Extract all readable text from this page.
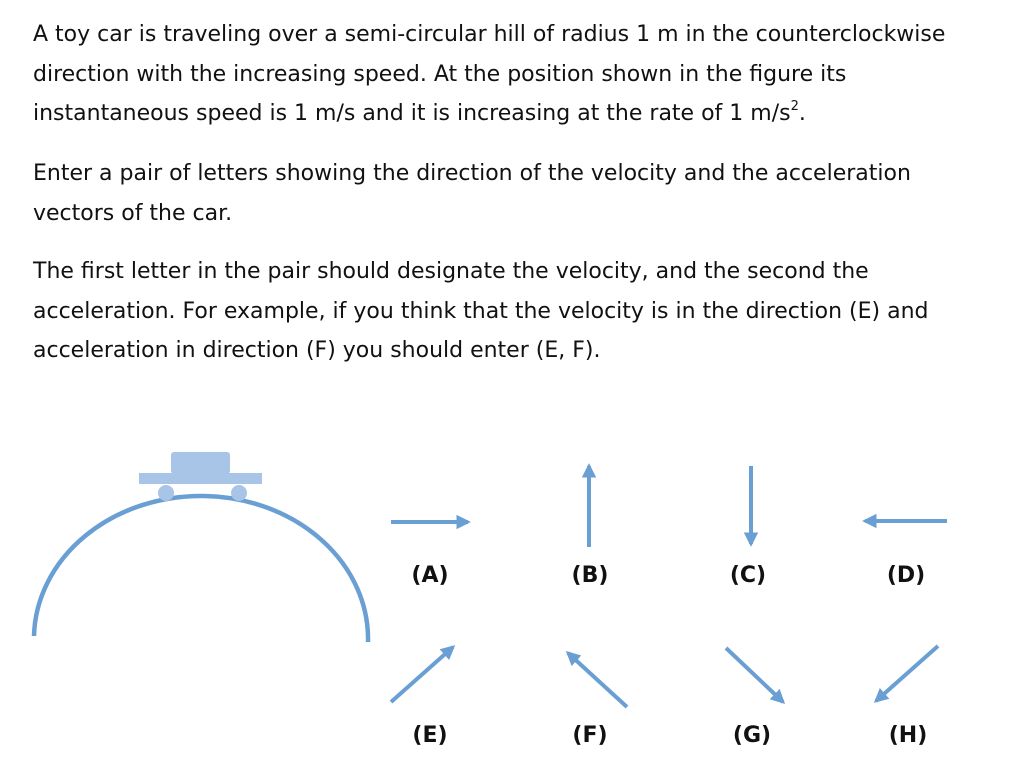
A toy car is traveling over a semi-circular hill of radius 1 m in the counterclockwise direction with the increasing speed. At the position shown in the figure its instantaneous speed is 1 m/s and it is increasing at the rate of 1 $m/s^2$.

Enter a pair of letters showing the direction of the velocity and the acceleration vectors of the car.

The first letter in the pair should designate the velocity, and the second the acceleration. For example, if you think that the velocity is in the direction (E) and acceleration in direction (F) you should enter (E, F).

(A)	(B)	(C)	(D)
(E)	(F)	(G)	(H)
